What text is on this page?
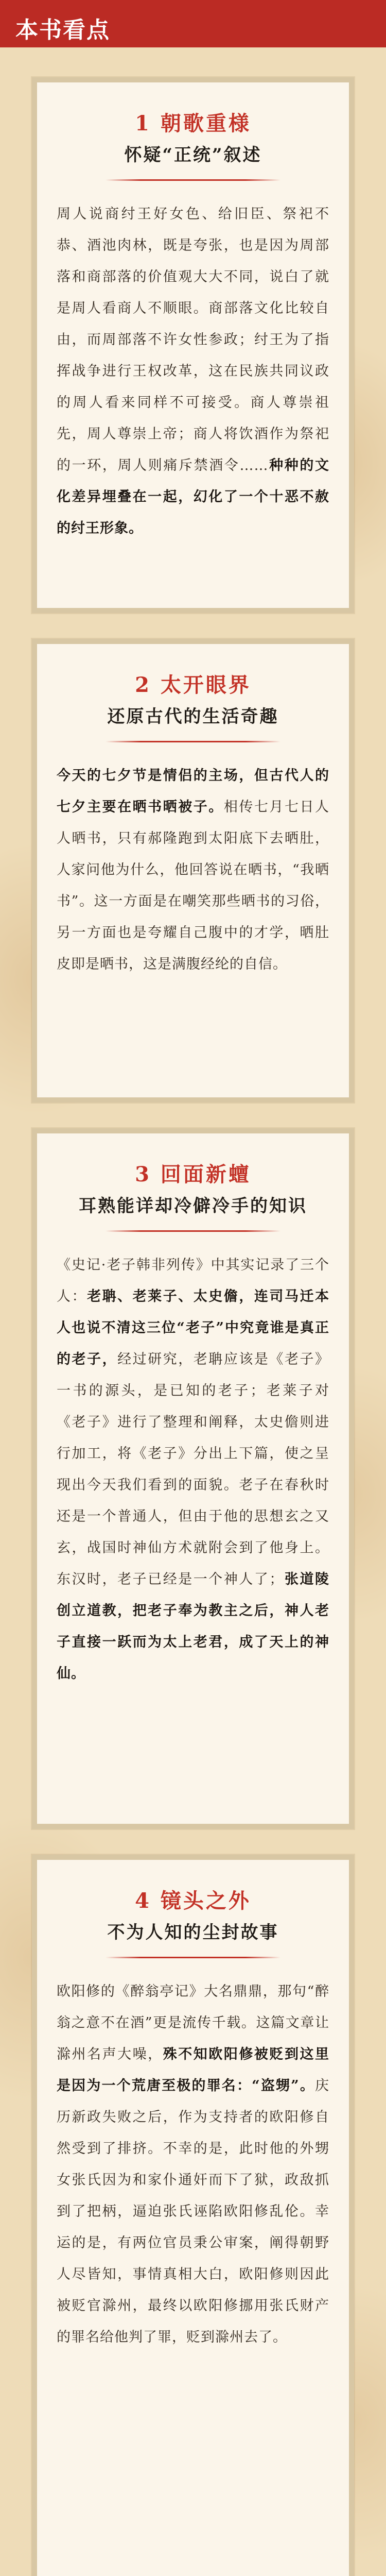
本书看点
1 朝歌重様
怀疑“正统”叙述
周人说商纣王好女色、给旧臣、祭祀不恭、酒池肉林，既是夸张，也是因为周部落和商部落的价值观大大不同，说白了就是周人看商人不顺眼。商部落文化比较自由，而周部落不许女性参政；纣王为了指挥战争进行王权改革，这在民族共同议政的周人看来同样不可接受。商人尊崇祖先，周人尊崇上帝；商人将饮酒作为祭祀的一环，周人则痛斥禁酒令……种种的文化差异埋叠在一起，幻化了一个十恶不赦的纣王形象。
2 太开眼界
还原古代的生活奇趣
今天的七夕节是情侣的主场，但古代人的七夕主要在晒书晒被子。相传七月七日人人晒书，只有郝隆跑到太阳底下去晒肚，人家问他为什么，他回答说在晒书，“我晒书”。这一方面是在嘲笑那些晒书的习俗，另一方面也是夸耀自己腹中的才学，晒肚皮即是晒书，这是满腹经纶的自信。
3 回面新蟺
耳熟能详却冷僻冷手的知识
《史记·老子韩非列传》中其实记录了三个人：老聃、老莱子、太史儋，连司马迁本人也说不清这三位“老子”中究竟谁是真正的老子，经过研究，老聃应该是《老子》一书的源头，是已知的老子；老莱子对《老子》进行了整理和阐释，太史儋则进行加工，将《老子》分出上下篇，使之呈现出今天我们看到的面貌。老子在春秋时还是一个普通人，但由于他的思想玄之又玄，战国时神仙方术就附会到了他身上。东汉时，老子已经是一个神人了；张道陵创立道教，把老子奉为教主之后，神人老子直接一跃而为太上老君，成了天上的神仙。
4 镜头之外
不为人知的尘封故事
欧阳修的《醉翁亭记》大名鼎鼎，那句“醉翁之意不在酒”更是流传千载。这篇文章让滁州名声大噪，殊不知欧阳修被贬到这里是因为一个荒唐至极的罪名：“盗甥”。庆历新政失败之后，作为支持者的欧阳修自然受到了排挤。不幸的是，此时他的外甥女张氏因为和家仆通奸而下了狱，政敌抓到了把柄，逼迫张氏诬陷欧阳修乱伦。幸运的是，有两位官员秉公审案，阐得朝野人尽皆知，事情真相大白，欧阳修则因此被贬官滁州，最终以欧阳修挪用张氏财产的罪名给他判了罪，贬到滁州去了。
